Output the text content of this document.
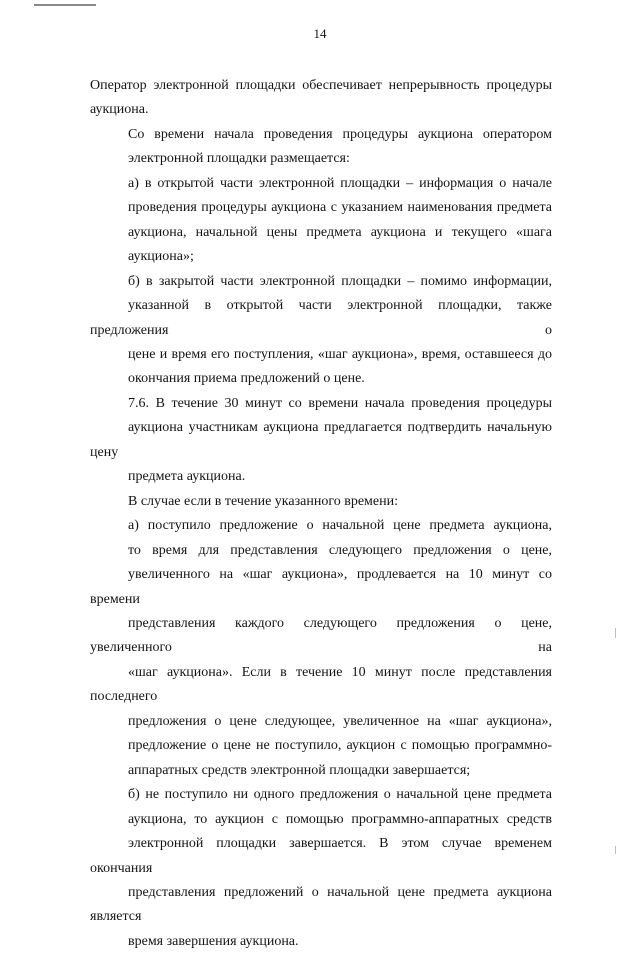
14

Оператор электронной площадки обеспечивает непрерывность процедуры
аукциона.

Со времени начала проведения процедуры аукциона оператором
электронной площадки размещается:

а) в открытой части электронной площадки – информация о начале
проведения процедуры аукциона с указанием наименования предмета
аукциона, начальной цены предмета аукциона и текущего «шага
аукциона»;

б) в закрытой части электронной площадки – помимо информации,
указанной в открытой части электронной площадки, также предложения о
цене и время его поступления, «шаг аукциона», время, оставшееся до
окончания приема предложений о цене.

7.6. В течение 30 минут со времени начала проведения процедуры
аукциона участникам аукциона предлагается подтвердить начальную цену
предмета аукциона.

В случае если в течение указанного времени:

а) поступило предложение о начальной цене предмета аукциона,
то время для представления следующего предложения о цене,
увеличенного на «шаг аукциона», продлевается на 10 минут со времени
представления каждого следующего предложения о цене, увеличенного на
«шаг аукциона». Если в течение 10 минут после представления последнего
предложения о цене следующее, увеличенное на «шаг аукциона»,
предложение о цене не поступило, аукцион с помощью программно-
аппаратных средств электронной площадки завершается;

б) не поступило ни одного предложения о начальной цене предмета
аукциона, то аукцион с помощью программно-аппаратных средств
электронной площадки завершается. В этом случае временем окончания
представления предложений о начальной цене предмета аукциона является
время завершения аукциона.
